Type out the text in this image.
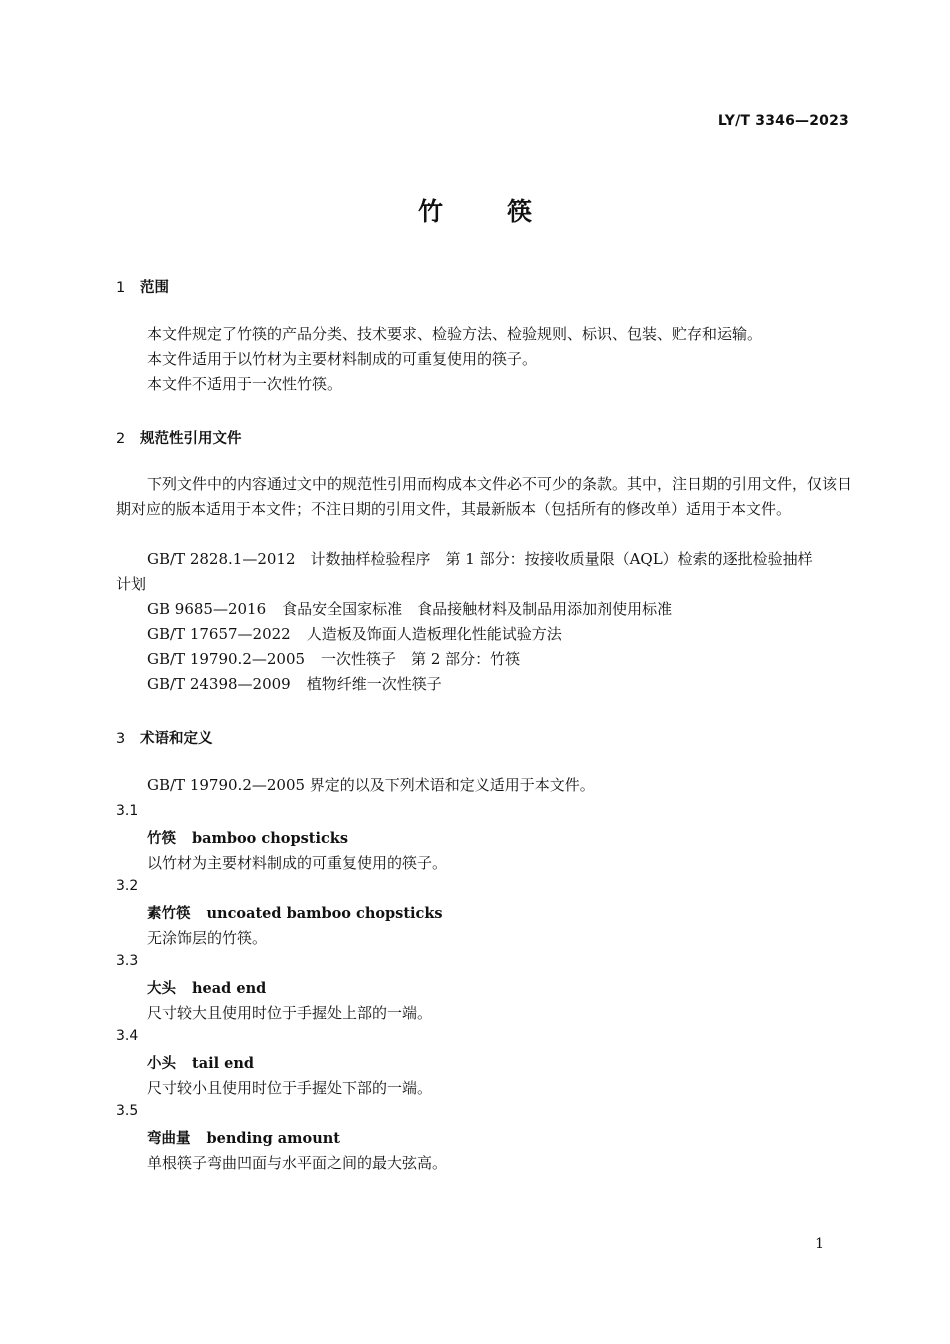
LY/T 3346—2023
竹	筷
1 范围
本文件规定了竹筷的产品分类、技术要求、检验方法、检验规则、标识、包装、贮存和运输。
本文件适用于以竹材为主要材料制成的可重复使用的筷子。
本文件不适用于一次性竹筷。
2 规范性引用文件
下列文件中的内容通过文中的规范性引用而构成本文件必不可少的条款。其中，注日期的引用文件，仅该日期对应的版本适用于本文件；不注日期的引用文件，其最新版本（包括所有的修改单）适用于本文件。
GB/T 2828.1—2012　计数抽样检验程序　第 1 部分：按接收质量限（AQL）检索的逐批检验抽样
计划
GB 9685—2016 食品安全国家标准　食品接触材料及制品用添加剂使用标准
GB/T 17657—2022 人造板及饰面人造板理化性能试验方法
GB/T 19790.2—2005 一次性筷子　第 2 部分：竹筷
GB/T 24398—2009 植物纤维一次性筷子
3 术语和定义
GB/T 19790.2—2005 界定的以及下列术语和定义适用于本文件。
3.1
竹筷 bamboo chopsticks
以竹材为主要材料制成的可重复使用的筷子。
3.2
素竹筷 uncoated bamboo chopsticks
无涂饰层的竹筷。
3.3
大头 head end
尺寸较大且使用时位于手握处上部的一端。
3.4
小头 tail end
尺寸较小且使用时位于手握处下部的一端。
3.5
弯曲量 bending amount
单根筷子弯曲凹面与水平面之间的最大弦高。
1
